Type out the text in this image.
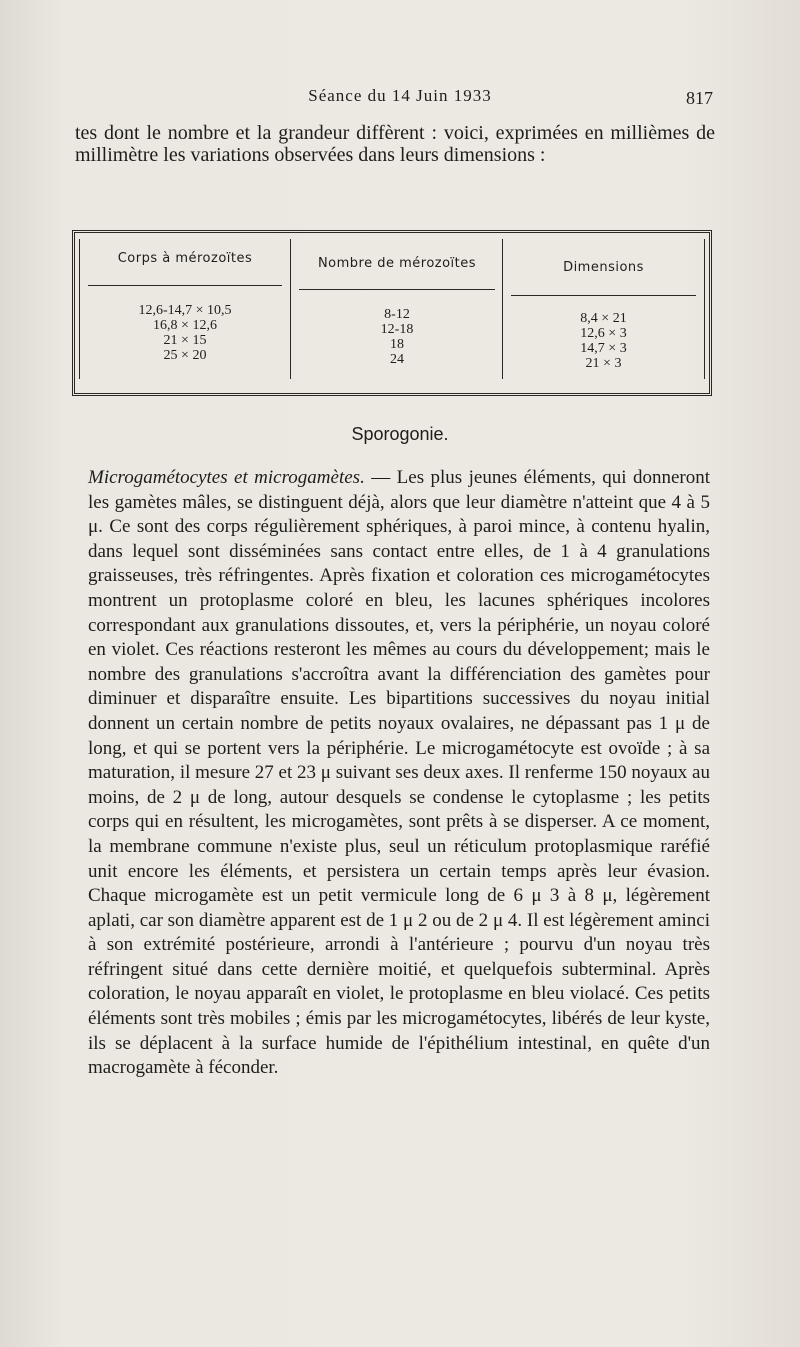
Séance du 14 Juin 1933	817
tes dont le nombre et la grandeur diffèrent : voici, exprimées en millièmes de millimètre les variations observées dans leurs dimensions :
Corps à mérozoïtes
12,6-14,7 × 10,5
16,8 × 12,6
21 × 15
25 × 20
Nombre de mérozoïtes
8-12
12-18
18
24
Dimensions
8,4 × 21
12,6 × 3
14,7 × 3
21 × 3
Sporogonie.

Microgamétocytes et microgamètes. — Les plus jeunes éléments, qui donneront les gamètes mâles, se distinguent déjà, alors que leur diamètre n'atteint que 4 à 5 μ. Ce sont des corps régulièrement sphériques, à paroi mince, à contenu hyalin, dans lequel sont disséminées sans contact entre elles, de 1 à 4 granulations graisseuses, très réfringentes. Après fixation et coloration ces microgamétocytes montrent un protoplasme coloré en bleu, les lacunes sphériques incolores correspondant aux granulations dissoutes, et, vers la périphérie, un noyau coloré en violet. Ces réactions resteront les mêmes au cours du développement; mais le nombre des granulations s'accroîtra avant la différenciation des gamètes pour diminuer et disparaître ensuite. Les bipartitions successives du noyau initial donnent un certain nombre de petits noyaux ovalaires, ne dépassant pas 1 μ de long, et qui se portent vers la périphérie. Le microgamétocyte est ovoïde ; à sa maturation, il mesure 27 et 23 μ suivant ses deux axes. Il renferme 150 noyaux au moins, de 2 μ de long, autour desquels se condense le cytoplasme ; les petits corps qui en résultent, les microgamètes, sont prêts à se disperser. A ce moment, la membrane commune n'existe plus, seul un réticulum protoplasmique raréfié unit encore les éléments, et persistera un certain temps après leur évasion. Chaque microgamète est un petit vermicule long de 6 μ 3 à 8 μ, légèrement aplati, car son diamètre apparent est de 1 μ 2 ou de 2 μ 4. Il est légèrement aminci à son extrémité postérieure, arrondi à l'antérieure ; pourvu d'un noyau très réfringent situé dans cette dernière moitié, et quelquefois subterminal. Après coloration, le noyau apparaît en violet, le protoplasme en bleu violacé. Ces petits éléments sont très mobiles ; émis par les microgamétocytes, libérés de leur kyste, ils se déplacent à la surface humide de l'épithélium intestinal, en quête d'un macrogamète à féconder.
